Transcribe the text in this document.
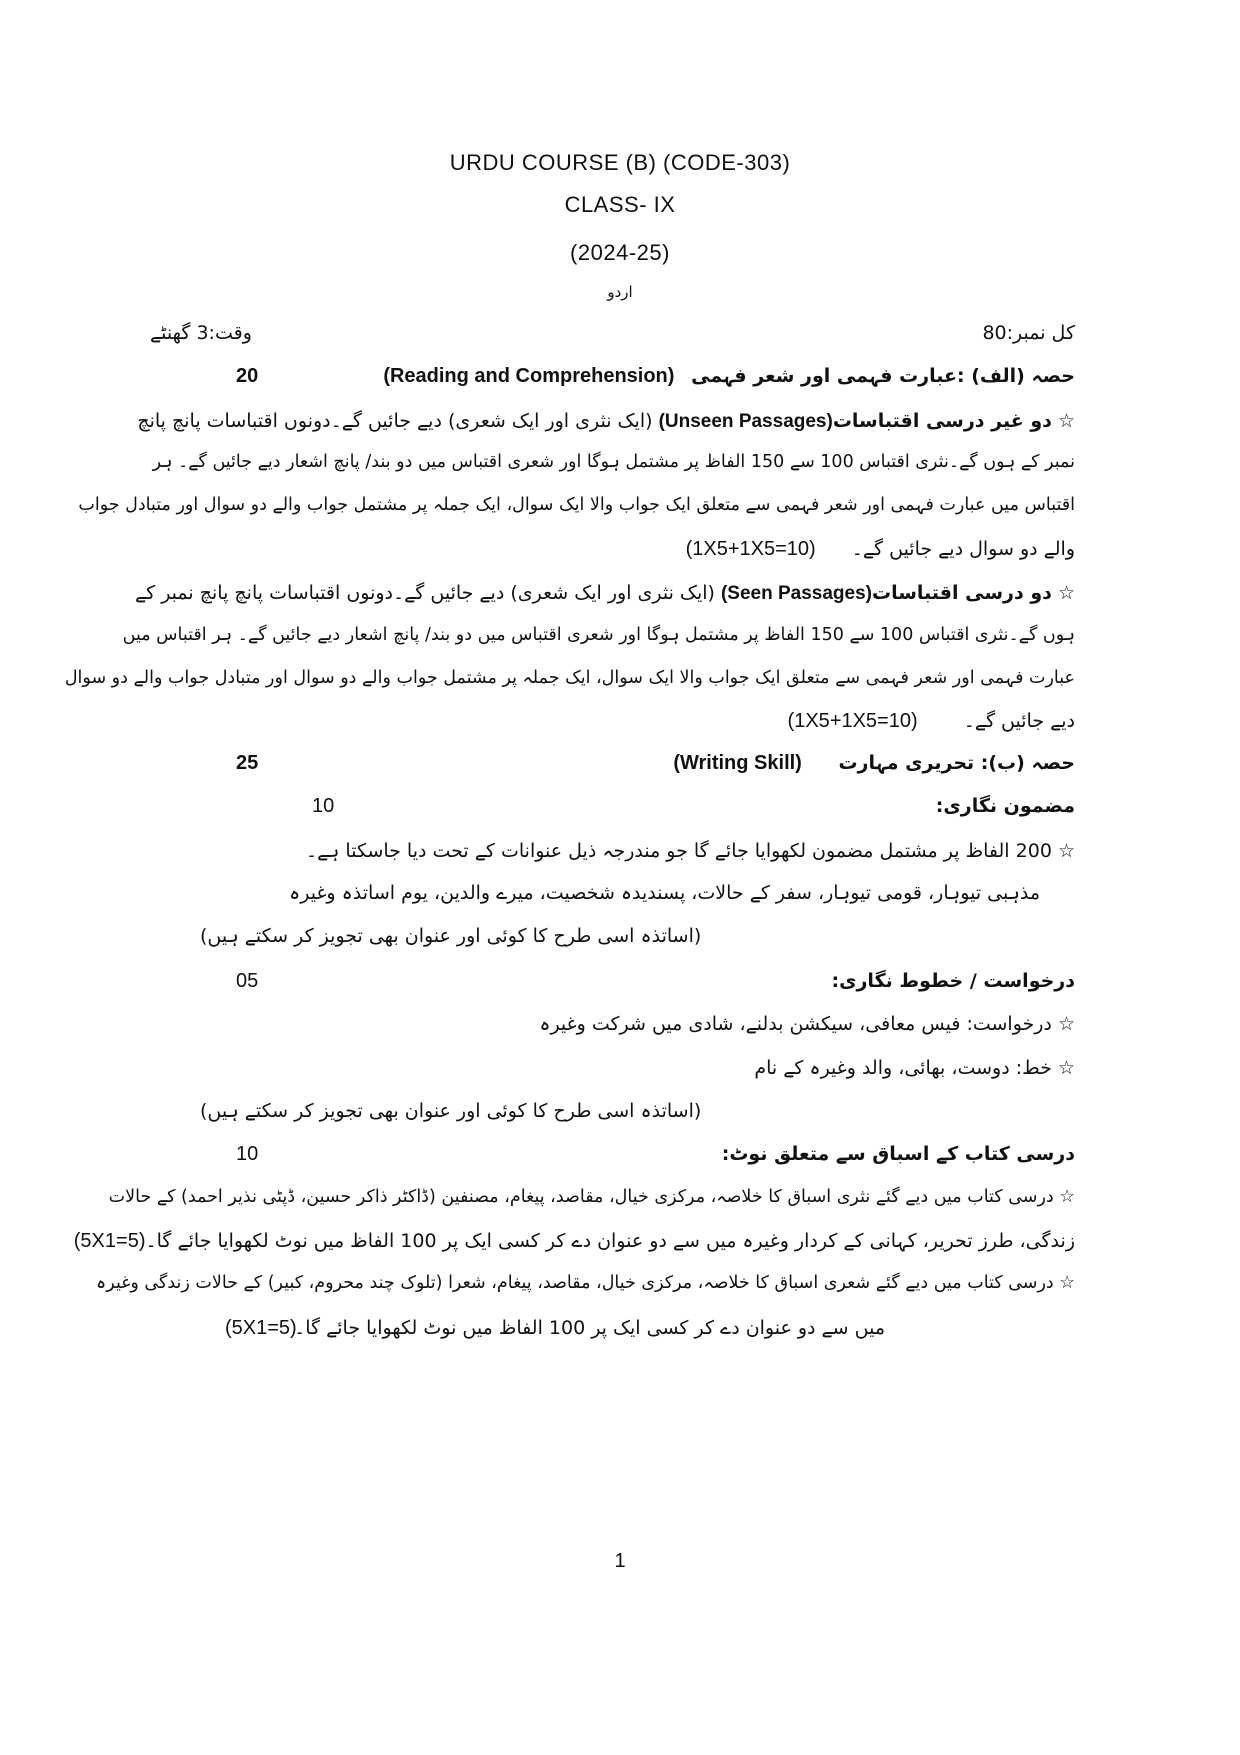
URDU COURSE (B) (CODE-303)
CLASS- IX
(2024-25)
اردو
کل نمبر:80
وقت:3 گھنٹے
حصہ (الف) :عبارت فہمی اور شعر فہمی (Reading and Comprehension)
20
☆ دو غیر درسی اقتباسات(Unseen Passages) (ایک نثری اور ایک شعری) دیے جائیں گے۔دونوں اقتباسات پانچ پانچ
نمبر کے ہوں گے۔نثری اقتباس 100 سے 150 الفاظ پر مشتمل ہوگا اور شعری اقتباس میں دو بند/ پانچ اشعار دیے جائیں گے۔ ہر
اقتباس میں عبارت فہمی اور شعر فہمی سے متعلق ایک جواب والا ایک سوال، ایک جملہ پر مشتمل جواب والے دو سوال اور متبادل جواب
والے دو سوال دیے جائیں گے۔ (1X5+1X5=10)
☆ دو درسی اقتباسات(Seen Passages) (ایک نثری اور ایک شعری) دیے جائیں گے۔دونوں اقتباسات پانچ پانچ نمبر کے
ہوں گے۔نثری اقتباس 100 سے 150 الفاظ پر مشتمل ہوگا اور شعری اقتباس میں دو بند/ پانچ اشعار دیے جائیں گے۔ ہر اقتباس میں
عبارت فہمی اور شعر فہمی سے متعلق ایک جواب والا ایک سوال، ایک جملہ پر مشتمل جواب والے دو سوال اور متبادل جواب والے دو سوال
دیے جائیں گے۔ (1X5+1X5=10)
حصہ (ب): تحریری مہارت (Writing Skill)
25
مضمون نگاری:
10
☆ 200 الفاظ پر مشتمل مضمون لکھوایا جائے گا جو مندرجہ ذیل عنوانات کے تحت دیا جاسکتا ہے۔
مذہبی تیوہار، قومی تیوہار، سفر کے حالات، پسندیدہ شخصیت، میرے والدین، یوم اساتذہ وغیرہ
(اساتذہ اسی طرح کا کوئی اور عنوان بھی تجویز کر سکتے ہیں)
درخواست / خطوط نگاری:
05
☆ درخواست: فیس معافی، سیکشن بدلنے، شادی میں شرکت وغیرہ
☆ خط: دوست، بھائی، والد وغیرہ کے نام
(اساتذہ اسی طرح کا کوئی اور عنوان بھی تجویز کر سکتے ہیں)
درسی کتاب کے اسباق سے متعلق نوٹ:
10
☆ درسی کتاب میں دیے گئے نثری اسباق کا خلاصہ، مرکزی خیال، مقاصد، پیغام، مصنفین (ڈاکٹر ذاکر حسین، ڈپٹی نذیر احمد) کے حالات
زندگی، طرز تحریر، کہانی کے کردار وغیرہ میں سے دو عنوان دے کر کسی ایک پر 100 الفاظ میں نوٹ لکھوایا جائے گا۔(5X1=5)
☆ درسی کتاب میں دیے گئے شعری اسباق کا خلاصہ، مرکزی خیال، مقاصد، پیغام، شعرا (تلوک چند محروم، کبیر) کے حالات زندگی وغیرہ
میں سے دو عنوان دے کر کسی ایک پر 100 الفاظ میں نوٹ لکھوایا جائے گا۔
(5X1=5)
1
